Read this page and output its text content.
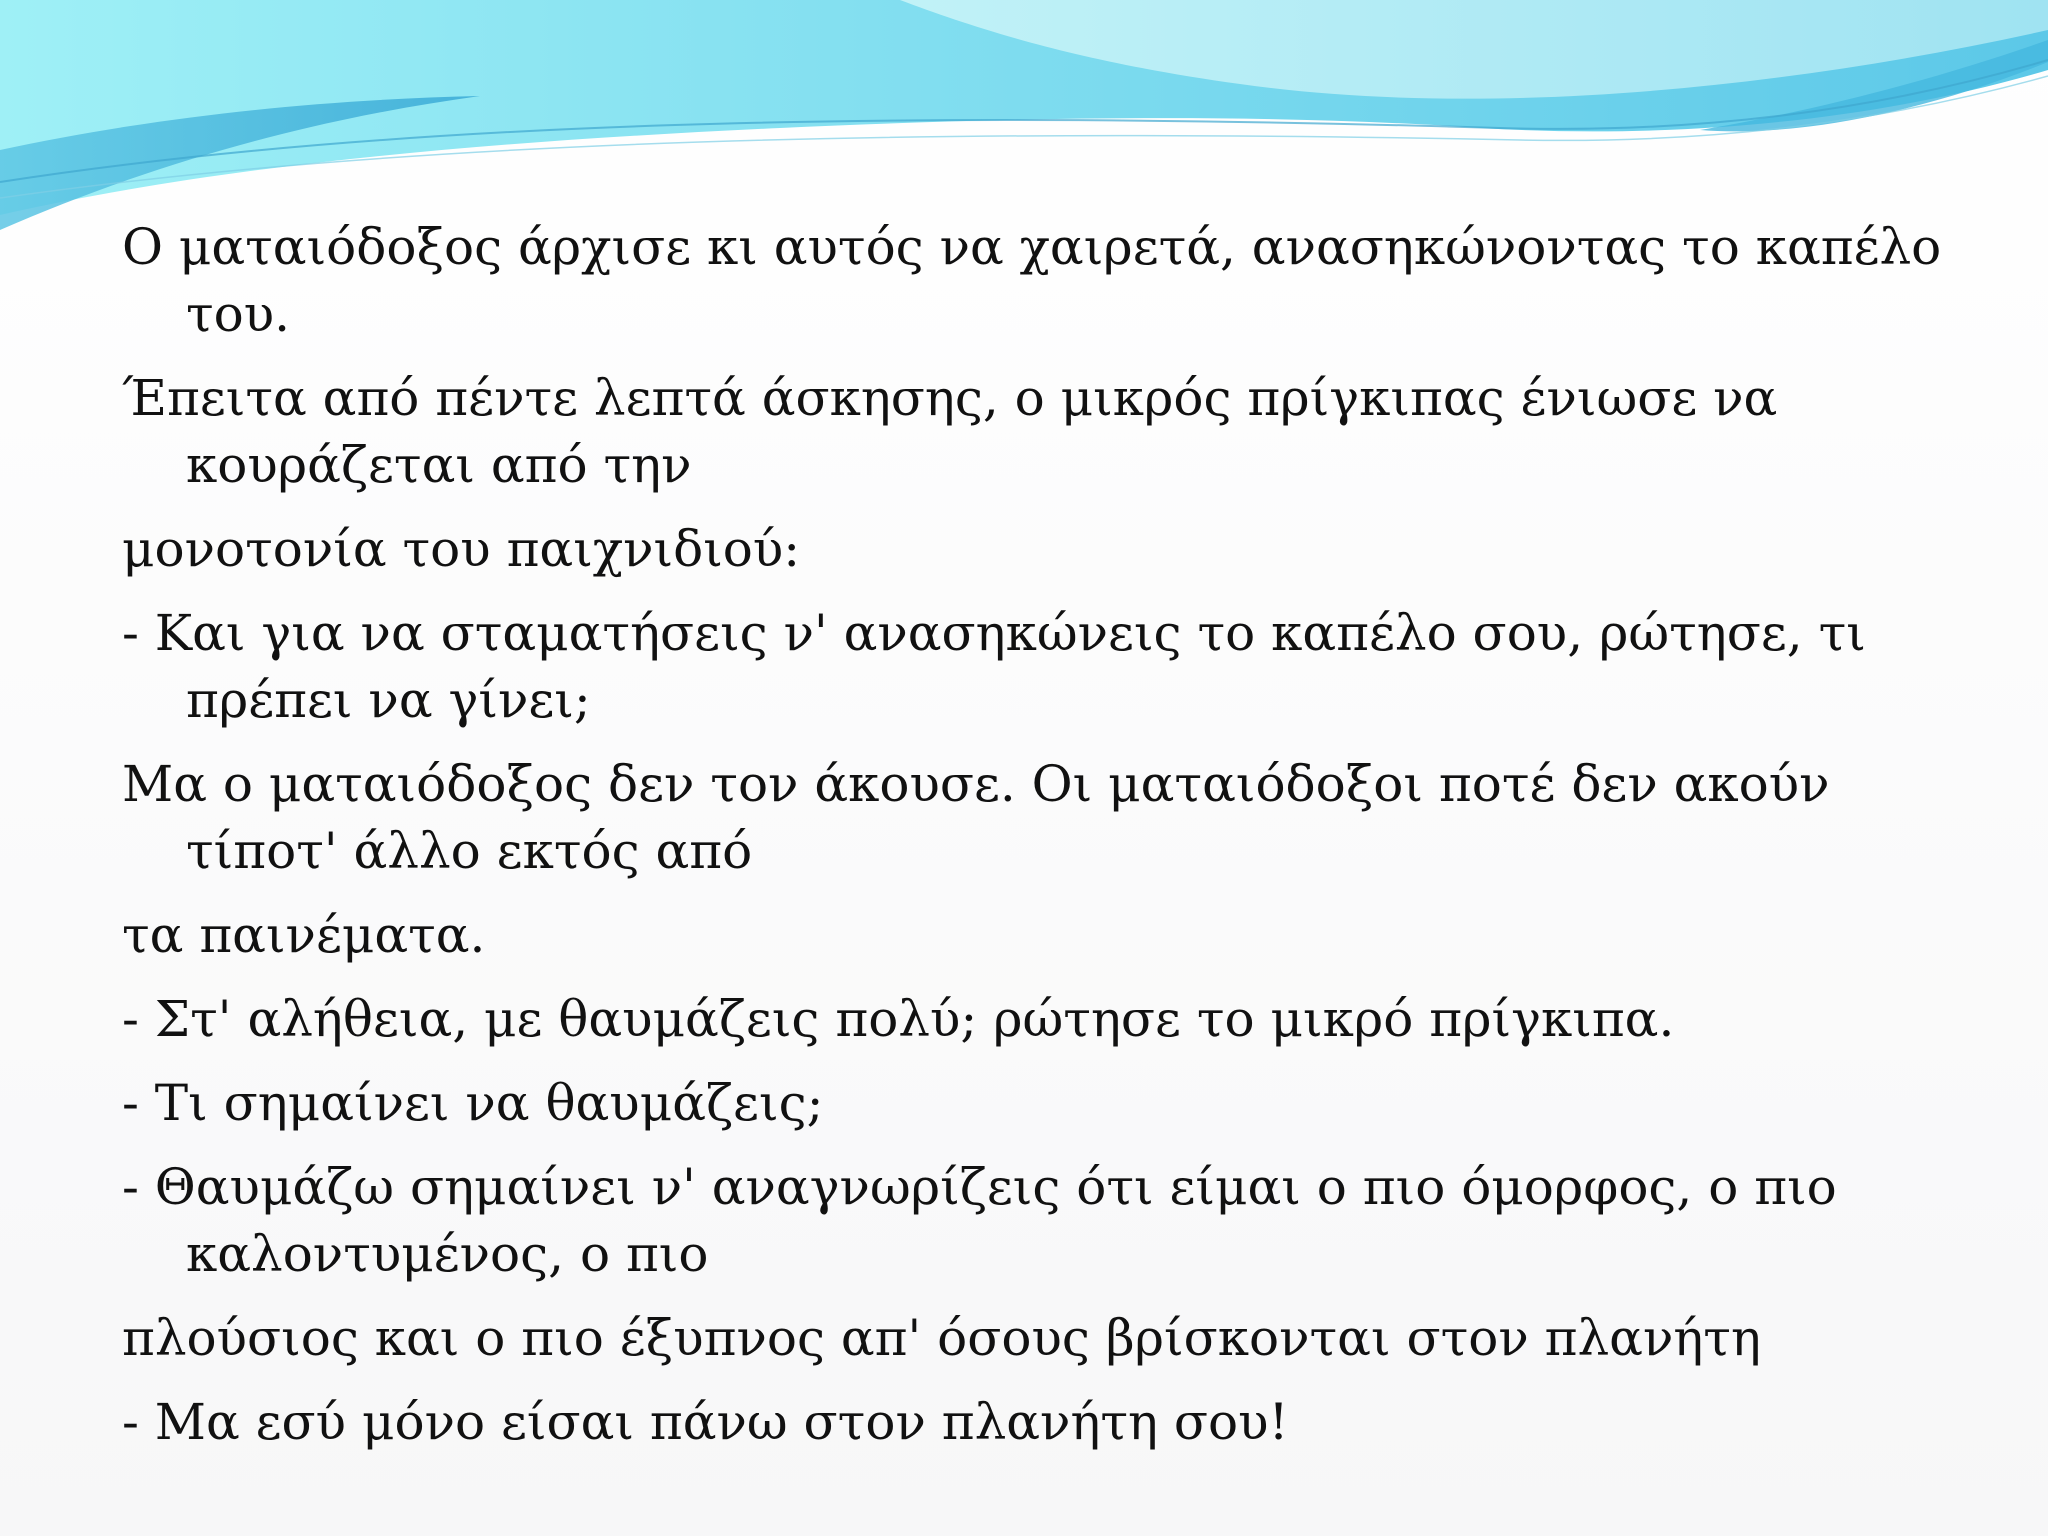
Ο ματαιόδοξος άρχισε κι αυτός να χαιρετά, ανασηκώνοντας το καπέλο του.

Έπειτα από πέντε λεπτά άσκησης, ο μικρός πρίγκιπας ένιωσε να κουράζεται από την

μονοτονία του παιχνιδιού:

- Και για να σταματήσεις ν' ανασηκώνεις το καπέλο σου, ρώτησε, τι πρέπει να γίνει;

Μα ο ματαιόδοξος δεν τον άκουσε. Οι ματαιόδοξοι ποτέ δεν ακούν τίποτ' άλλο εκτός από

τα παινέματα.

- Στ' αλήθεια, με θαυμάζεις πολύ; ρώτησε το μικρό πρίγκιπα.

- Τι σημαίνει να θαυμάζεις;

- Θαυμάζω σημαίνει ν' αναγνωρίζεις ότι είμαι ο πιο όμορφος, ο πιο καλοντυμένος, ο πιο

πλούσιος και ο πιο έξυπνος απ' όσους βρίσκονται στον πλανήτη

- Μα εσύ μόνο είσαι πάνω στον πλανήτη σου!
